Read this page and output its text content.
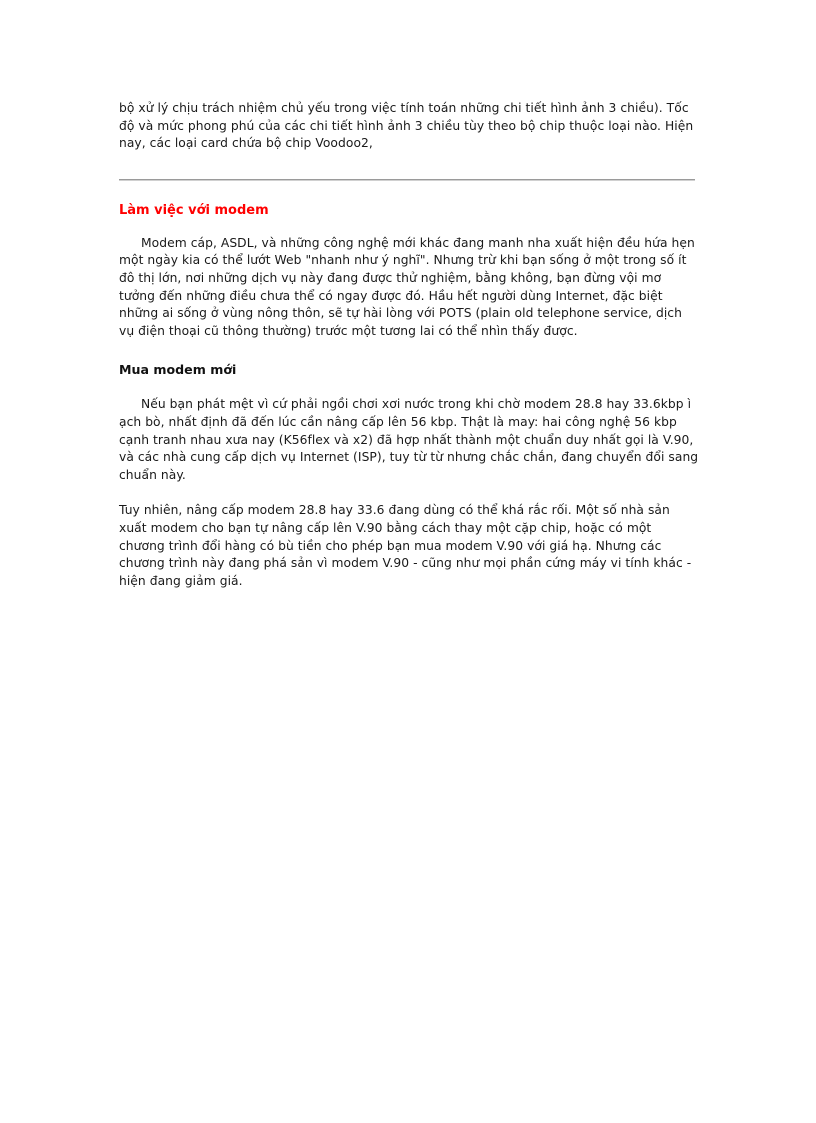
bộ xử lý chịu trách nhiệm chủ yếu trong việc tính toán những chi tiết hình ảnh 3 chiều). Tốc độ và mức phong phú của các chi tiết hình ảnh 3 chiều tùy theo bộ chip thuộc loại nào. Hiện nay, các loại card chứa bộ chip Voodoo2,

Làm việc với modem

Modem cáp, ASDL, và những công nghệ mới khác đang manh nha xuất hiện đều hứa hẹn một ngày kia có thể lướt Web "nhanh như ý nghĩ". Nhưng trừ khi bạn sống ở một trong số ít đô thị lớn, nơi những dịch vụ này đang được thử nghiệm, bằng không, bạn đừng vội mơ tưởng đến những điều chưa thể có ngay được đó. Hầu hết người dùng Internet, đặc biệt những ai sống ở vùng nông thôn, sẽ tự hài lòng với POTS (plain old telephone service, dịch vụ điện thoại cũ thông thường) trước một tương lai có thể nhìn thấy được.

Mua modem mới

Nếu bạn phát mệt vì cứ phải ngồi chơi xơi nước trong khi chờ modem 28.8 hay 33.6kbp ì ạch bò, nhất định đã đến lúc cần nâng cấp lên 56 kbp. Thật là may: hai công nghệ 56 kbp cạnh tranh nhau xưa nay (K56flex và x2) đã hợp nhất thành một chuẩn duy nhất gọi là V.90, và các nhà cung cấp dịch vụ Internet (ISP), tuy từ từ nhưng chắc chắn, đang chuyển đổi sang chuẩn này.

Tuy nhiên, nâng cấp modem 28.8 hay 33.6 đang dùng có thể khá rắc rối. Một số nhà sản xuất modem cho bạn tự nâng cấp lên V.90 bằng cách thay một cặp chip, hoặc có một chương trình đổi hàng có bù tiền cho phép bạn mua modem V.90 với giá hạ. Nhưng các chương trình này đang phá sản vì modem V.90 - cũng như mọi phần cứng máy vi tính khác - hiện đang giảm giá.
